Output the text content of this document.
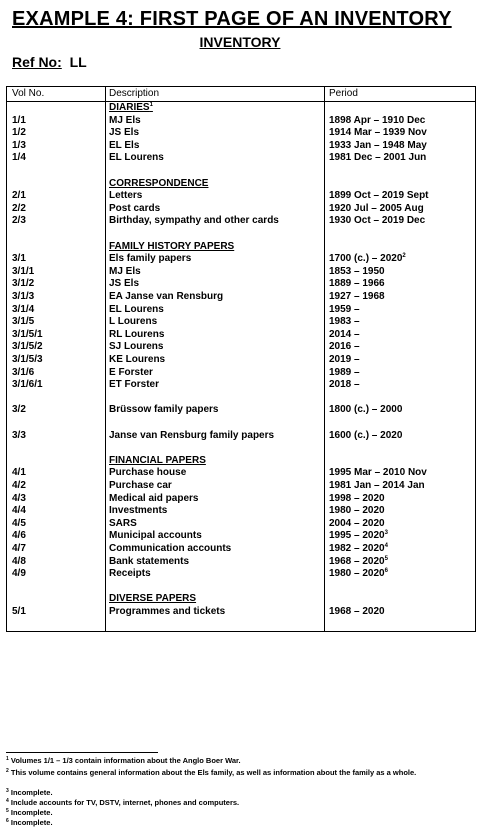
EXAMPLE 4: FIRST PAGE OF AN INVENTORY
INVENTORY
Ref No: LL
Vol No.	Description	Period
DIARIES$^1$
1/1	MJ Els	1898 Apr – 1910 Dec
1/2	JS Els	1914 Mar – 1939 Nov
1/3	EL Els	1933 Jan – 1948 May
1/4	EL Lourens	1981 Dec – 2001 Jun
CORRESPONDENCE
2/1	Letters	1899 Oct – 2019 Sept
2/2	Post cards	1920 Jul – 2005 Aug
2/3	Birthday, sympathy and other cards	1930 Oct – 2019 Dec
FAMILY HISTORY PAPERS
3/1	Els family papers	1700 (c.) – 2020$^2$
3/1/1	MJ Els	1853 – 1950
3/1/2	JS Els	1889 – 1966
3/1/3	EA Janse van Rensburg	1927 – 1968
3/1/4	EL Lourens	1959 –
3/1/5	L Lourens	1983 –
3/1/5/1	RL Lourens	2014 –
3/1/5/2	SJ Lourens	2016 –
3/1/5/3	KE Lourens	2019 –
3/1/6	E Forster	1989 –
3/1/6/1	ET Forster	2018 –
3/2	Brüssow family papers	1800 (c.) – 2000
3/3	Janse van Rensburg family papers	1600 (c.) – 2020
FINANCIAL PAPERS
4/1	Purchase house	1995 Mar – 2010 Nov
4/2	Purchase car	1981 Jan – 2014 Jan
4/3	Medical aid papers	1998 – 2020
4/4	Investments	1980 – 2020
4/5	SARS	2004 – 2020
4/6	Municipal accounts	1995 – 2020$^3$
4/7	Communication accounts	1982 – 2020$^4$
4/8	Bank statements	1968 – 2020$^5$
4/9	Receipts	1980 – 2020$^6$
DIVERSE PAPERS
5/1	Programmes and tickets	1968 – 2020
$^1$ Volumes 1/1 – 1/3 contain information about the Anglo Boer War.
$^2$ This volume contains general information about the Els family, as well as information about the family as a whole.
$^3$ Incomplete.
$^4$ Include accounts for TV, DSTV, internet, phones and computers.
$^5$ Incomplete.
$^6$ Incomplete.
